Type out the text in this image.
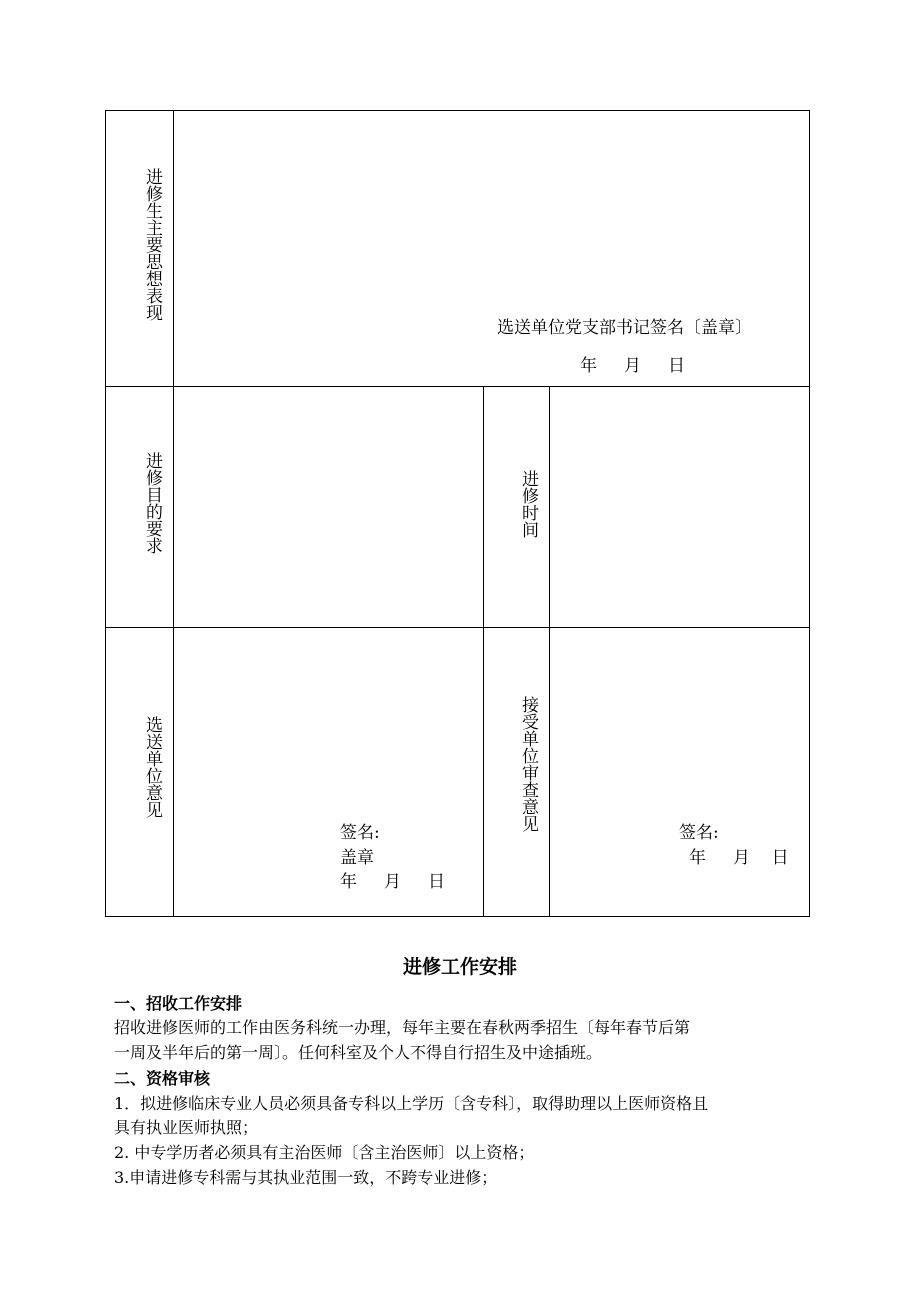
进修生主要思想表现
选送单位党支部书记签名〔盖章〕
年     月     日
进修目的要求	进修时间
选送单位意见
签名:
盖章
年     月     日
接受单位审查意见
签名:
年     月    日
进修工作安排
一、招收工作安排
招收进修医师的工作由医务科统一办理，每年主要在春秋两季招生〔每年春节后第
一周及半年后的第一周〕。任何科室及个人不得自行招生及中途插班。
二、资格审核
1．拟进修临床专业人员必须具备专科以上学历〔含专科〕，取得助理以上医师资格且
具有执业医师执照；
2. 中专学历者必须具有主治医师〔含主治医师〕以上资格；
3.申请进修专科需与其执业范围一致，不跨专业进修；
